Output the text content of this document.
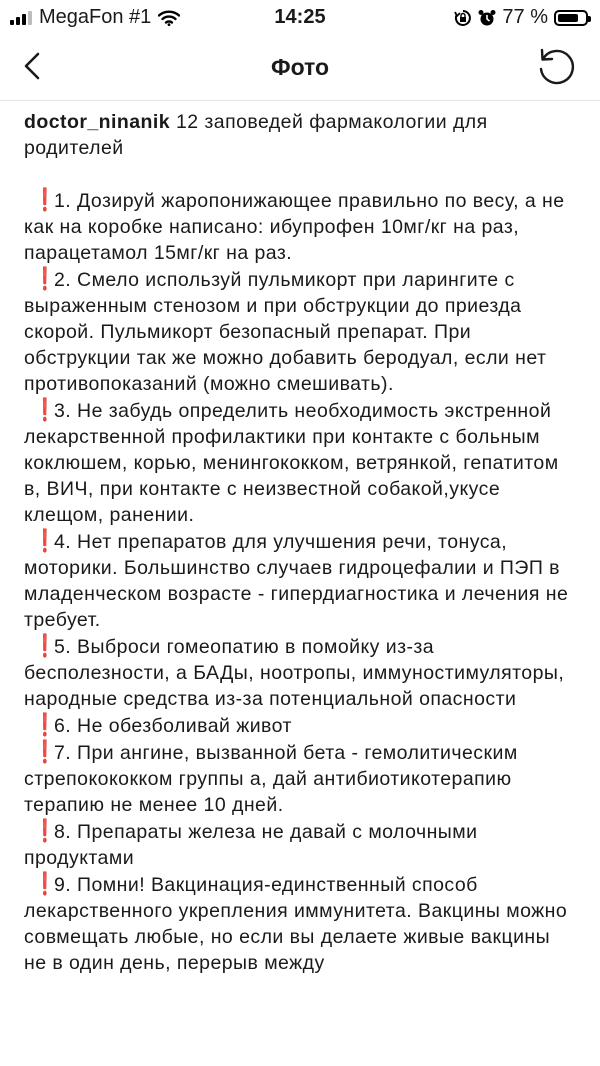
MegaFon #1	14:25	77 %
Фото

doctor_ninanik 12 заповедей фармакологии для родителей

❗1. Дозируй жаропонижающее правильно по весу, а не как на коробке написано: ибупрофен 10мг/кг на раз, парацетамол 15мг/кг на раз.

❗2. Смело используй пульмикорт при ларингите с выраженным стенозом и при обструкции до приезда скорой. Пульмикорт безопасный препарат. При обструкции так же можно добавить беродуал, если нет противопоказаний (можно смешивать).

❗3. Не забудь определить необходимость экстренной лекарственной профилактики при контакте с больным коклюшем, корью, менингококком, ветрянкой, гепатитом в, ВИЧ, при контакте с неизвестной собакой,укусе клещом, ранении.

❗4. Нет препаратов для улучшения речи, тонуса, моторики. Большинство случаев гидроцефалии и ПЭП в младенческом возрасте - гипердиагностика и лечения не требует.

❗5. Выброси гомеопатию в помойку из-за бесполезности, а БАДы, ноотропы, иммуностимуляторы, народные средства из-за потенциальной опасности

❗6. Не обезболивай живот

❗7. При ангине, вызванной бета - гемолитическим стрепокококком группы а, дай антибиотикотерапию терапию не менее 10 дней.

❗8. Препараты железа не давай с молочными продуктами

❗9. Помни! Вакцинация-единственный способ лекарственного укрепления иммунитета. Вакцины можно совмещать любые, но если вы делаете живые вакцины не в один день, перерыв между
